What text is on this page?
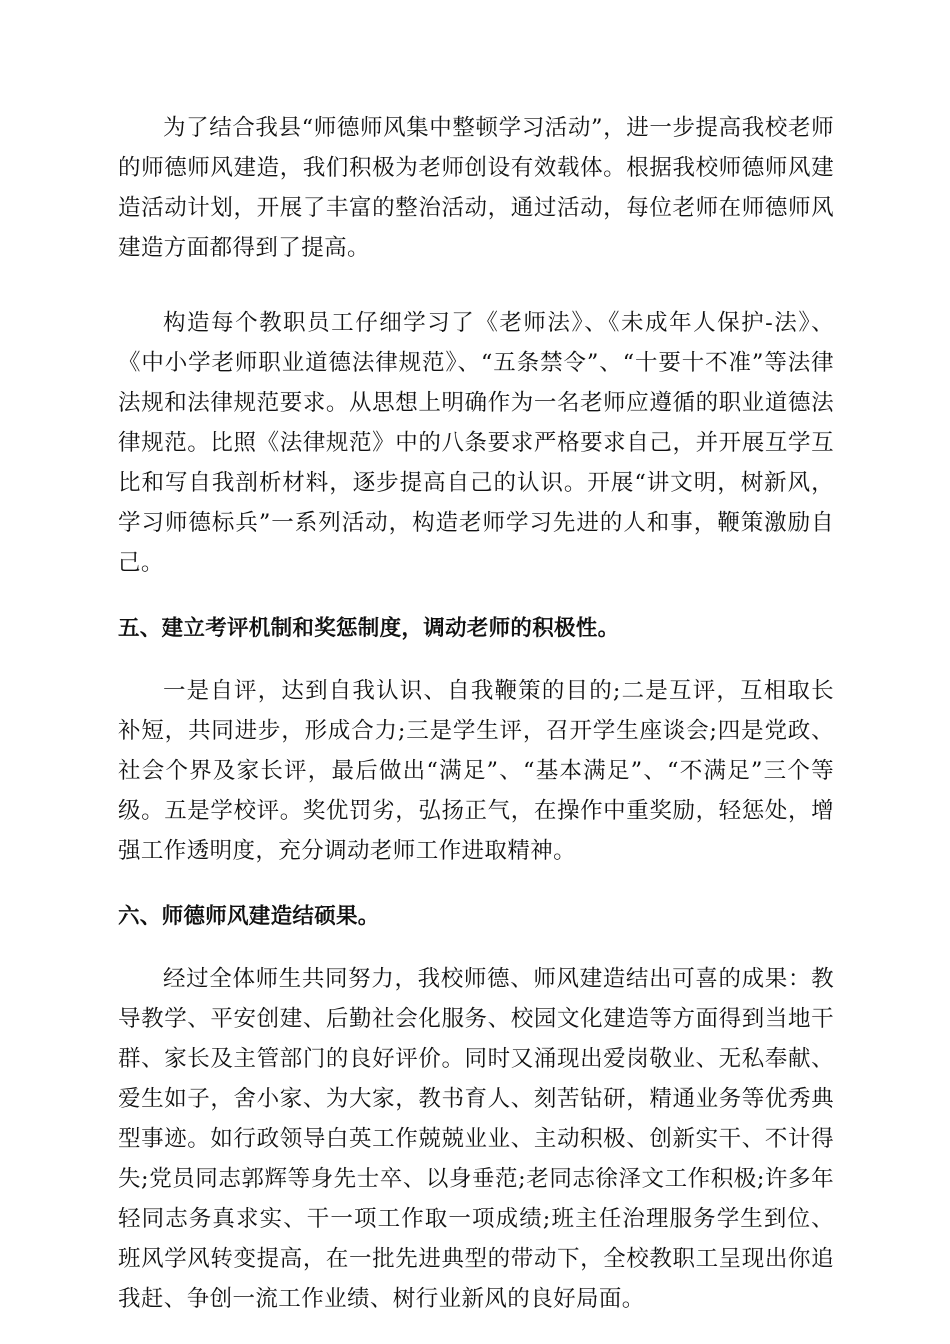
为了结合我县“师德师风集中整顿学习活动”，进一步提高我校老师的师德师风建造，我们积极为老师创设有效载体。根据我校师德师风建造活动计划，开展了丰富的整治活动，通过活动，每位老师在师德师风建造方面都得到了提高。

构造每个教职员工仔细学习了《老师法》、《未成年人保护-法》、《中小学老师职业道德法律规范》、“五条禁令”、“十要十不准”等法律法规和法律规范要求。从思想上明确作为一名老师应遵循的职业道德法律规范。比照《法律规范》中的八条要求严格要求自己，并开展互学互比和写自我剖析材料，逐步提高自己的认识。开展“讲文明，树新风，学习师德标兵”一系列活动，构造老师学习先进的人和事，鞭策激励自己。

五、建立考评机制和奖惩制度，调动老师的积极性。

一是自评，达到自我认识、自我鞭策的目的;二是互评，互相取长补短，共同进步，形成合力;三是学生评，召开学生座谈会;四是党政、社会个界及家长评，最后做出“满足”、“基本满足”、“不满足”三个等级。五是学校评。奖优罚劣，弘扬正气，在操作中重奖励，轻惩处，增强工作透明度，充分调动老师工作进取精神。

六、师德师风建造结硕果。

经过全体师生共同努力，我校师德、师风建造结出可喜的成果：教导教学、平安创建、后勤社会化服务、校园文化建造等方面得到当地干群、家长及主管部门的良好评价。同时又涌现出爱岗敬业、无私奉献、爱生如子，舍小家、为大家，教书育人、刻苦钻研，精通业务等优秀典型事迹。如行政领导白英工作兢兢业业、主动积极、创新实干、不计得失;党员同志郭辉等身先士卒、以身垂范;老同志徐泽文工作积极;许多年轻同志务真求实、干一项工作取一项成绩;班主任治理服务学生到位、班风学风转变提高，在一批先进典型的带动下，全校教职工呈现出你追我赶、争创一流工作业绩、树行业新风的良好局面。
